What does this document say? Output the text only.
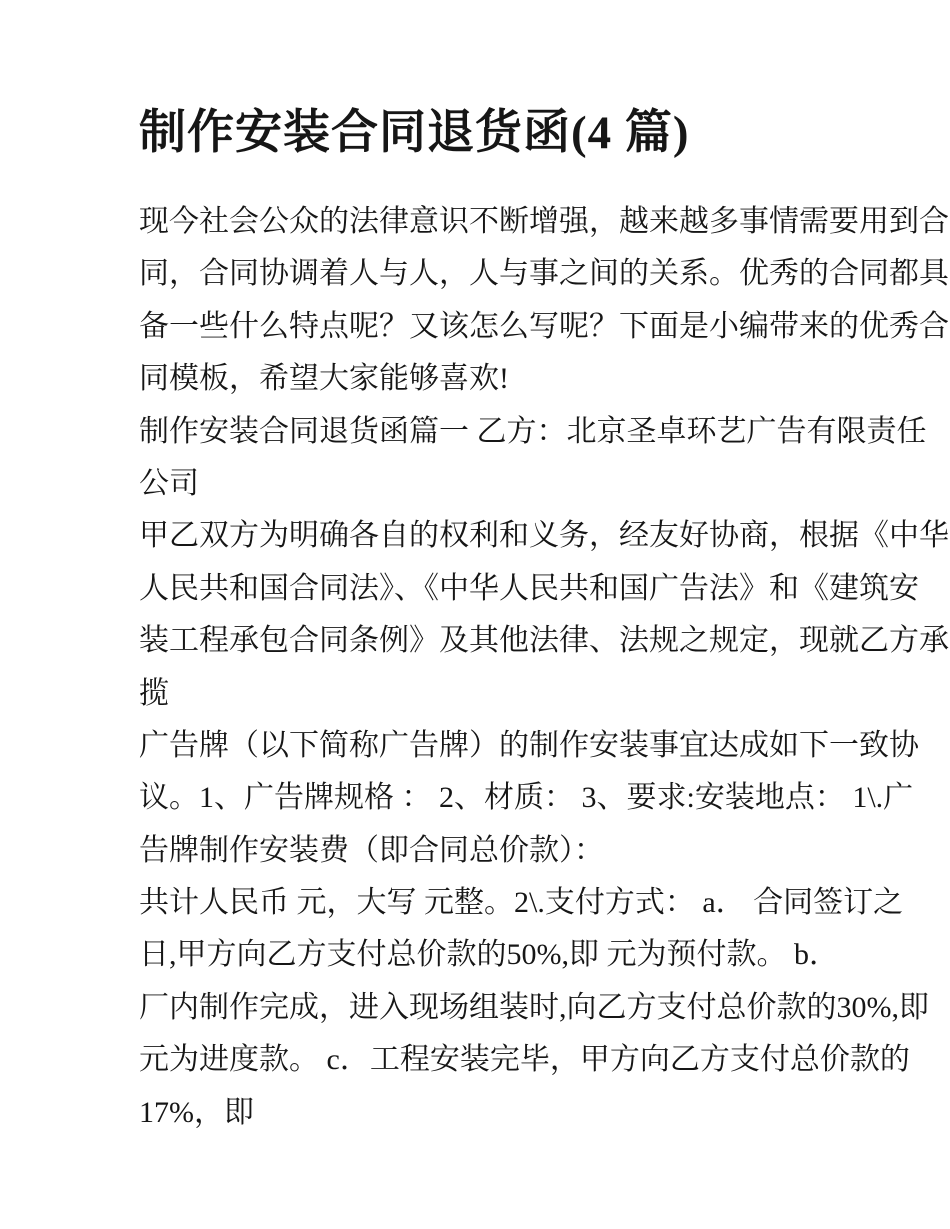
制作安装合同退货函(4 篇)
现今社会公众的法律意识不断增强，越来越多事情需要用到合
同，合同协调着人与人，人与事之间的关系。优秀的合同都具
备一些什么特点呢？又该怎么写呢？下面是小编带来的优秀合
同模板，希望大家能够喜欢!
制作安装合同退货函篇一 乙方：北京圣卓环艺广告有限责任
公司
甲乙双方为明确各自的权利和义务，经友好协商，根据《中华
人民共和国合同法》、《中华人民共和国广告法》和《建筑安
装工程承包合同条例》及其他法律、法规之规定，现就乙方承
揽
广告牌（以下简称广告牌）的制作安装事宜达成如下一致协
议。1、广告牌规格 ： 2、材质： 3、要求:安装地点： 1\.广
告牌制作安装费（即合同总价款）：
共计人民币 元，大写 元整。2\.支付方式： a． 合同签订之
日,甲方向乙方支付总价款的50%,即 元为预付款。 b．
厂内制作完成，进入现场组装时,向乙方支付总价款的30%,即
元为进度款。 c．工程安装完毕，甲方向乙方支付总价款的
17%，即
